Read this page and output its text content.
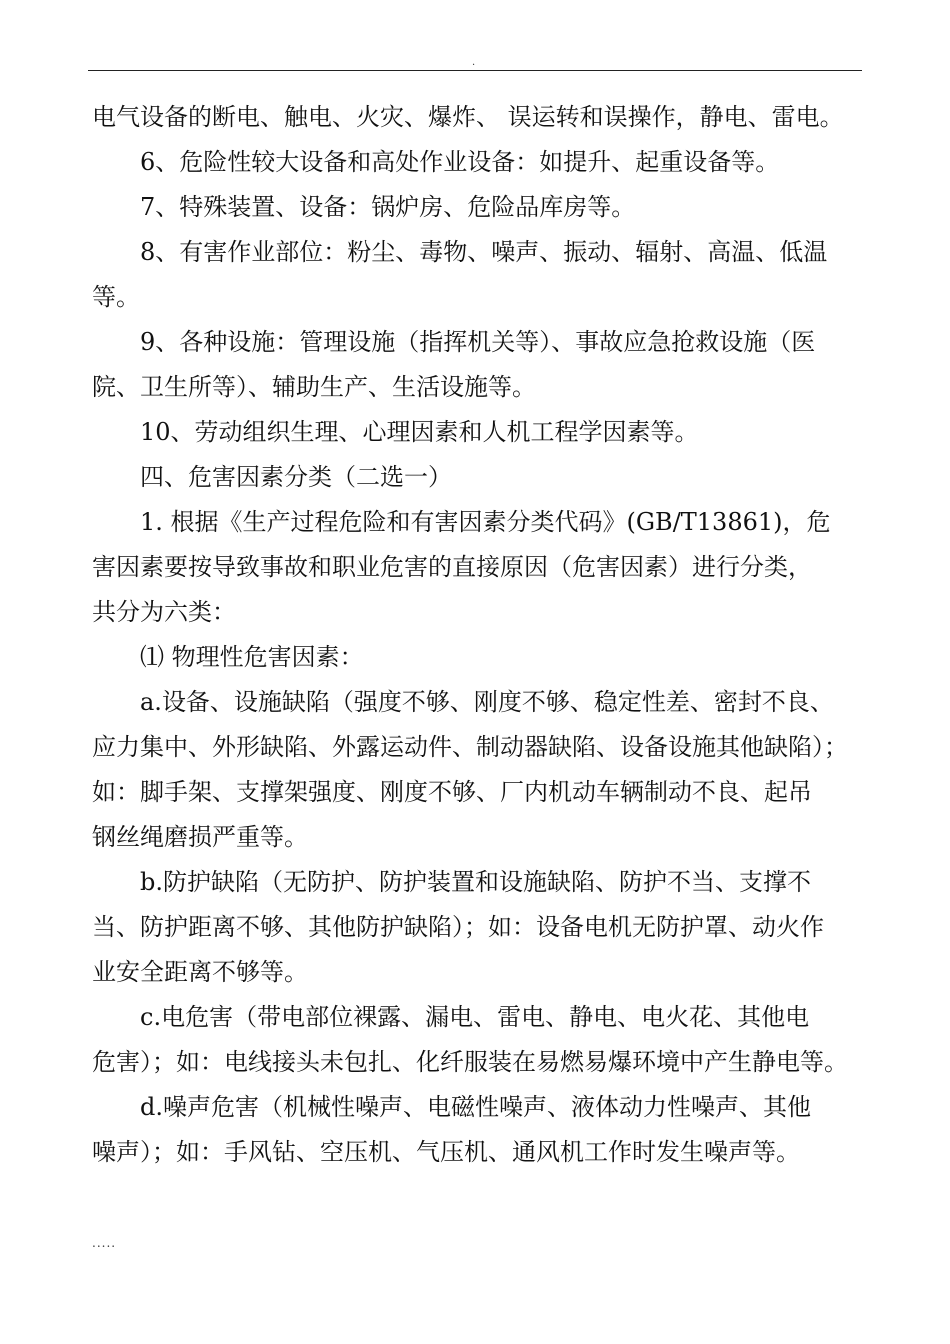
.
电气设备的断电、触电、火灾、爆炸、 误运转和误操作，静电、雷电。
6、危险性较大设备和高处作业设备：如提升、起重设备等。
7、特殊装置、设备：锅炉房、危险品库房等。
8、有害作业部位：粉尘、毒物、噪声、振动、辐射、高温、低温
等。
9、各种设施：管理设施（指挥机关等）、事故应急抢救设施（医
院、卫生所等）、辅助生产、生活设施等。
10、劳动组织生理、心理因素和人机工程学因素等。
四、危害因素分类（二选一）
1. 根据《生产过程危险和有害因素分类代码》(GB/T13861)，危
害因素要按导致事故和职业危害的直接原因（危害因素）进行分类，
共分为六类：
⑴ 物理性危害因素：
a.设备、设施缺陷（强度不够、刚度不够、稳定性差、密封不良、
应力集中、外形缺陷、外露运动件、制动器缺陷、设备设施其他缺陷）；
如：脚手架、支撑架强度、刚度不够、厂内机动车辆制动不良、起吊
钢丝绳磨损严重等。
b.防护缺陷（无防护、防护装置和设施缺陷、防护不当、支撑不
当、防护距离不够、其他防护缺陷）；如：设备电机无防护罩、动火作
业安全距离不够等。
c.电危害（带电部位裸露、漏电、雷电、静电、电火花、其他电
危害）；如：电线接头未包扎、化纤服装在易燃易爆环境中产生静电等。
d.噪声危害（机械性噪声、电磁性噪声、液体动力性噪声、其他
噪声）；如：手风钻、空压机、气压机、通风机工作时发生噪声等。
.....
